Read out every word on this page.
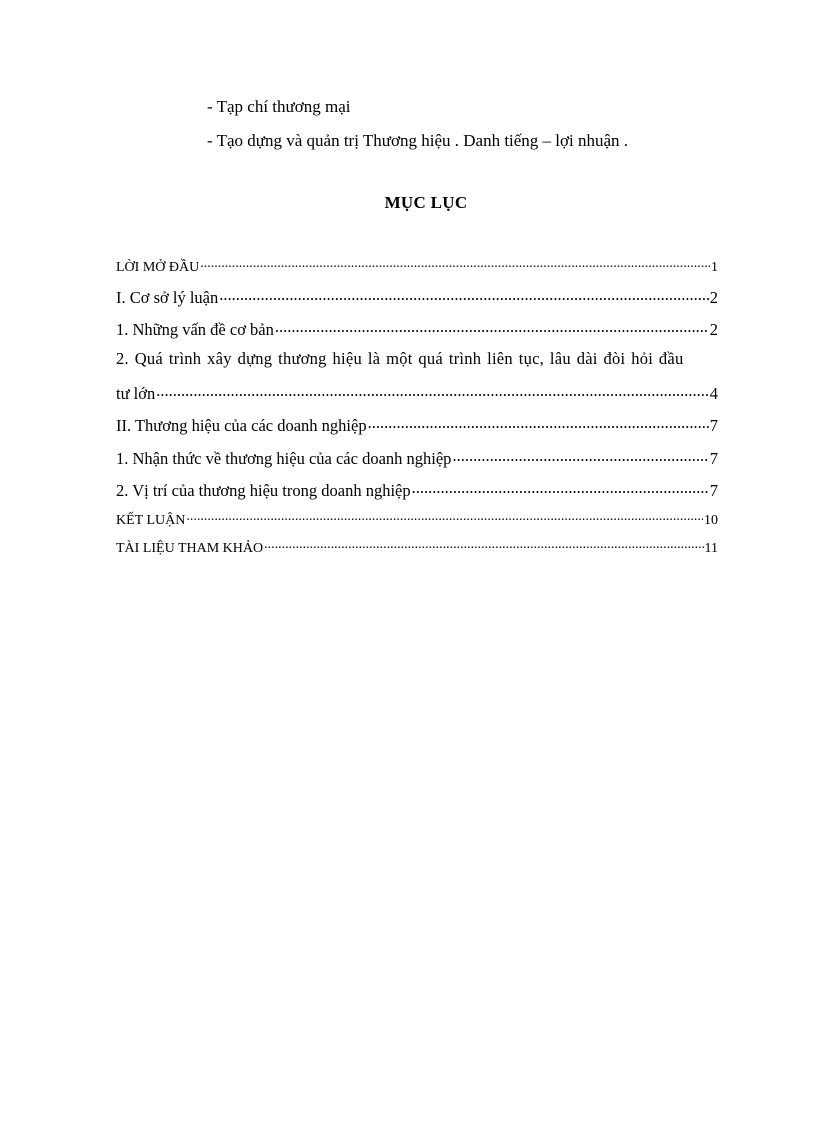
- Tạp chí thương mại
- Tạo dựng và quản trị Thương hiệu . Danh tiếng – lợi nhuận .
MỤC LỤC
LỜI MỞ ĐẦU .....	1
I. Cơ sở lý luận .....	2
1. Những vấn đề cơ bản .....	2
2. Quá trình xây dựng thương hiệu là một quá trình liên tục, lâu dài đòi hỏi đầu
tư lớn .....	4
II. Thương hiệu của các doanh nghiệp .....	7
1. Nhận thức về thương hiệu của các doanh nghiệp .....	7
2. Vị trí của thương hiệu trong doanh nghiệp .....	7
KẾT LUẬN .....	10
TÀI LIỆU THAM KHẢO .....	11
